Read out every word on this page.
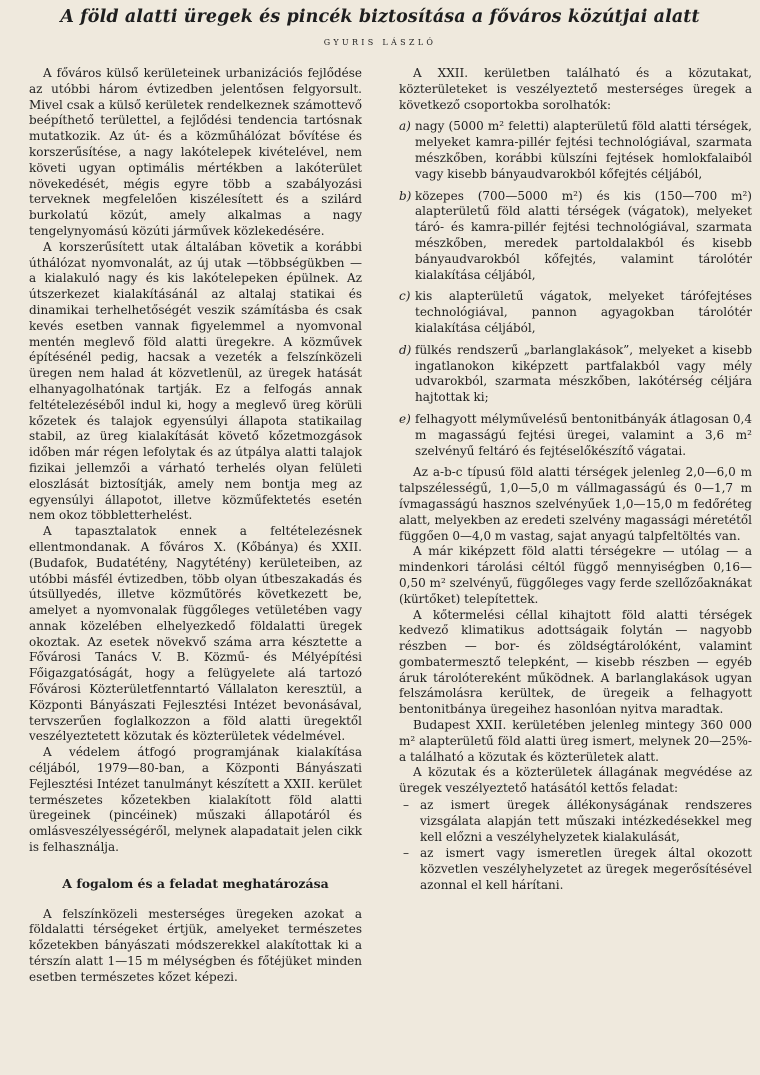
A föld alatti üregek és pincék biztosítása a főváros közútjai alatt
GYURIS LÁSZLÓ

A főváros külső kerületeinek urbanizációs fejlődése az utóbbi három évtizedben jelentősen felgyorsult. Mivel csak a külső kerületek rendelkeznek számottevő beépíthető területtel, a fejlődési tendencia tartósnak mutatkozik. Az út- és a közműhálózat bővítése és korszerűsítése, a nagy lakótelepek kivételével, nem követi ugyan optimális mértékben a lakóterület növekedését, mégis egyre több a szabályozási terveknek megfelelően kiszélesített és a szilárd burkolatú közút, amely alkalmas a nagy tengelynyomású közúti járművek közlekedésére.

A korszerűsített utak általában követik a korábbi úthálózat nyomvonalát, az új utak —többségükben — a kialakuló nagy és kis lakótelepeken épülnek. Az útszerkezet kialakításánál az altalaj statikai és dinamikai terhelhetőségét veszik számításba és csak kevés esetben vannak figyelemmel a nyomvonal mentén meglevő föld alatti üregekre. A közművek építésénél pedig, hacsak a vezeték a felszínközeli üregen nem halad át közvetlenül, az üregek hatását elhanyagolhatónak tartják. Ez a felfogás annak feltételezéséből indul ki, hogy a meglevő üreg körüli kőzetek és talajok egyensúlyi állapota statikailag stabil, az üreg kialakítását követő kőzetmozgások időben már régen lefolytak és az útpálya alatti talajok fizikai jellemzői a várható terhelés olyan felületi eloszlását biztosítják, amely nem bontja meg az egyensúlyi állapotot, illetve közműfektetés esetén nem okoz többletterhelést.

A tapasztalatok ennek a feltételezésnek ellentmondanak. A főváros X. (Kőbánya) és XXII. (Budafok, Budatétény, Nagytétény) kerületeiben, az utóbbi másfél évtizedben, több olyan útbeszakadás és útsüllyedés, illetve közműtörés következett be, amelyet a nyomvonalak függőleges vetületében vagy annak közelében elhelyezkedő földalatti üregek okoztak. Az esetek növekvő száma arra késztette a Fővárosi Tanács V. B. Közmű- és Mélyépítési Főigazgatóságát, hogy a felügyelete alá tartozó Fővárosi Közterületfenntartó Vállalaton keresztül, a Központi Bányászati Fejlesztési Intézet bevonásával, tervszerűen foglalkozzon a föld alatti üregektől veszélyeztetett közutak és közterületek védelmével.

A védelem átfogó programjának kialakítása céljából, 1979—80-ban, a Központi Bányászati Fejlesztési Intézet tanulmányt készített a XXII. kerület természetes kőzetekben kialakított föld alatti üregeinek (pincéinek) műszaki állapotáról és omlásveszélyességéről, melynek alapadatait jelen cikk is felhasználja.

A fogalom és a feladat meghatározása

A felszínközeli mesterséges üregeken azokat a földalatti térségeket értjük, amelyeket természetes kőzetekben bányászati módszerekkel alakítottak ki a térszín alatt 1—15 m mélységben és főtéjüket minden esetben természetes kőzet képezi.

A XXII. kerületben található és a közutakat, közterületeket is veszélyeztető mesterséges üregek a következő csoportokba sorolhatók:

a) nagy (5000 m² feletti) alapterületű föld alatti térségek, melyeket kamra-pillér fejtési technológiával, szarmata mészkőben, korábbi külszíni fejtések homlokfalaiból vagy kisebb bányaudvarokból kőfejtés céljából,
b) közepes (700—5000 m²) és kis (150—700 m²) alapterületű föld alatti térségek (vágatok), melyeket táró- és kamra-pillér fejtési technológiával, szarmata mészkőben, meredek partoldalakból és kisebb bányaudvarokból kőfejtés, valamint tárolótér kialakítása céljából,
c) kis alapterületű vágatok, melyeket tárófejtéses technológiával, pannon agyagokban tárolótér kialakítása céljából,
d) fülkés rendszerű „barlanglakások”, melyeket a kisebb ingatlanokon kiképzett partfalakból vagy mély udvarokból, szarmata mészkőben, lakótérség céljára hajtottak ki;
e) felhagyott mélyművelésű bentonitbányák átlagosan 0,4 m magasságú fejtési üregei, valamint a 3,6 m² szelvényű feltáró és fejtéselőkészítő vágatai.

Az a-b-c típusú föld alatti térségek jelenleg 2,0—6,0 m talpszélességű, 1,0—5,0 m vállmagasságú és 0—1,7 m ívmagasságú hasznos szelvényűek 1,0—15,0 m fedőréteg alatt, melyekben az eredeti szelvény magassági méretétől függően 0—4,0 m vastag, sajat anyagú talpfeltöltés van.

A már kiképzett föld alatti térségekre — utólag — a mindenkori tárolási céltól függő mennyiségben 0,16—0,50 m² szelvényű, függőleges vagy ferde szellőzőaknákat (kürtőket) telepítettek.

A kőtermelési céllal kihajtott föld alatti térségek kedvező klimatikus adottságaik folytán — nagyobb részben — bor- és zöldségtárolóként, valamint gombatermesztő telepként, — kisebb részben — egyéb áruk tárolótereként működnek. A barlanglakások ugyan felszámolásra kerültek, de üregeik a felhagyott bentonitbánya üregeihez hasonlóan nyitva maradtak.

Budapest XXII. kerületében jelenleg mintegy 360 000 m² alapterületű föld alatti üreg ismert, melynek 20—25%-a található a közutak és közterületek alatt.

A közutak és a közterületek állagának megvédése az üregek veszélyeztető hatásától kettős feladat:

– az ismert üregek állékonyságának rendszeres vizsgálata alapján tett műszaki intézkedésekkel meg kell előzni a veszélyhelyzetek kialakulását,
– az ismert vagy ismeretlen üregek által okozott közvetlen veszélyhelyzetet az üregek megerősítésével azonnal el kell hárítani.
